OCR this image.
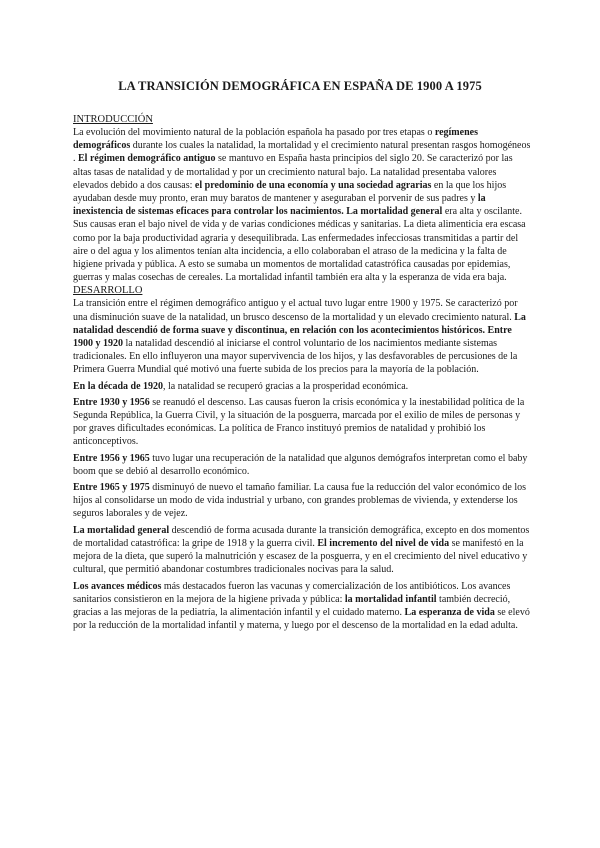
LA TRANSICIÓN DEMOGRÁFICA EN ESPAÑA DE 1900 A 1975
INTRODUCCIÓN

La evolución del movimiento natural de la población española ha pasado por tres etapas o regímenes demográficos durante los cuales la natalidad, la mortalidad y el crecimiento natural presentan rasgos homogéneos . El régimen demográfico antiguo se mantuvo en España hasta principios del siglo 20. Se caracterizó por las altas tasas de natalidad y de mortalidad y por un crecimiento natural bajo. La natalidad presentaba valores elevados debido a dos causas: el predominio de una economía y una sociedad agrarias en la que los hijos ayudaban desde muy pronto, eran muy baratos de mantener y aseguraban el porvenir de sus padres y la inexistencia de sistemas eficaces para controlar los nacimientos. La mortalidad general era alta y oscilante. Sus causas eran el bajo nivel de vida y de varias condiciones médicas y sanitarias. La dieta alimenticia era escasa como por la baja productividad agraria y desequilibrada. Las enfermedades infecciosas transmitidas a partir del aire o del agua y los alimentos tenían alta incidencia, a ello colaboraban el atraso de la medicina y la falta de higiene privada y pública. A esto se sumaba un momentos de mortalidad catastrófica causadas por epidemias, guerras y malas cosechas de cereales. La mortalidad infantil también era alta y la esperanza de vida era baja.

DESARROLLO

La transición entre el régimen demográfico antiguo y el actual tuvo lugar entre 1900 y 1975. Se caracterizó por una disminución suave de la natalidad, un brusco descenso de la mortalidad y un elevado crecimiento natural. La natalidad descendió de forma suave y discontinua, en relación con los acontecimientos históricos. Entre 1900 y 1920 la natalidad descendió al iniciarse el control voluntario de los nacimientos mediante sistemas tradicionales. En ello influyeron una mayor supervivencia de los hijos, y las desfavorables de percusiones de la Primera Guerra Mundial qué motivó una fuerte subida de los precios para la mayoría de la población.

En la década de 1920, la natalidad se recuperó gracias a la prosperidad económica.

Entre 1930 y 1956 se reanudó el descenso. Las causas fueron la crisis económica y la inestabilidad política de la Segunda República, la Guerra Civil, y la situación de la posguerra, marcada por el exilio de miles de personas y por graves dificultades económicas. La política de Franco instituyó premios de natalidad y prohibió los anticonceptivos.

Entre 1956 y 1965 tuvo lugar una recuperación de la natalidad que algunos demógrafos interpretan como el baby boom que se debió al desarrollo económico.

Entre 1965 y 1975 disminuyó de nuevo el tamaño familiar. La causa fue la reducción del valor económico de los hijos al consolidarse un modo de vida industrial y urbano, con grandes problemas de vivienda, y extenderse los seguros laborales y de vejez.

La mortalidad general descendió de forma acusada durante la transición demográfica, excepto en dos momentos de mortalidad catastrófica: la gripe de 1918 y la guerra civil. El incremento del nivel de vida se manifestó en la mejora de la dieta, que superó la malnutrición y escasez de la posguerra, y en el crecimiento del nivel educativo y cultural, que permitió abandonar costumbres tradicionales nocivas para la salud.

Los avances médicos más destacados fueron las vacunas y comercialización de los antibióticos. Los avances sanitarios consistieron en la mejora de la higiene privada y pública: la mortalidad infantil también decreció, gracias a las mejoras de la pediatría, la alimentación infantil y el cuidado materno. La esperanza de vida se elevó por la reducción de la mortalidad infantil y materna, y luego por el descenso de la mortalidad en la edad adulta.
